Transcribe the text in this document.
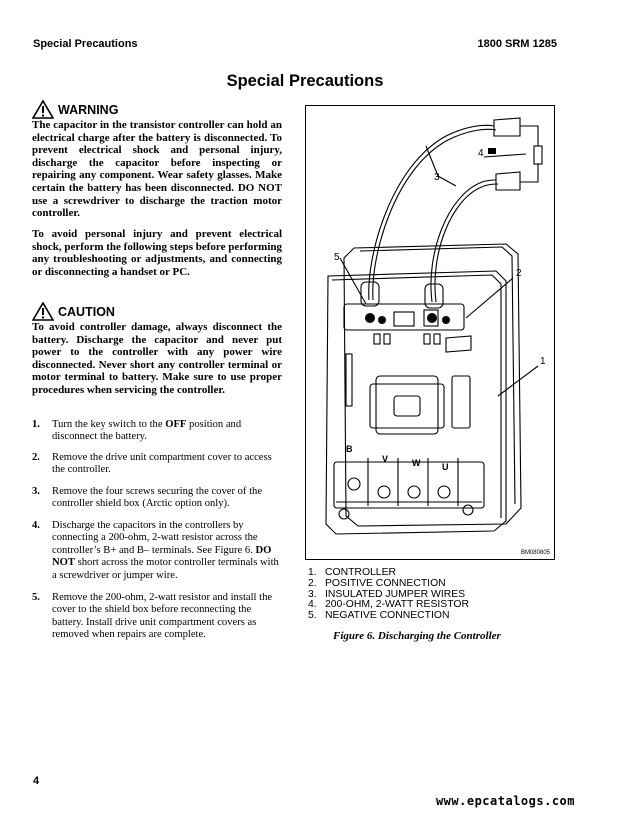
Special Precautions	1800 SRM 1285
Special Precautions
WARNING
The capacitor in the transistor controller can hold an electrical charge after the battery is disconnected. To prevent electrical shock and personal injury, discharge the capacitor before inspecting or repairing any component. Wear safety glasses. Make certain the battery has been disconnected. DO NOT use a screwdriver to discharge the traction motor controller.
To avoid personal injury and prevent electrical shock, perform the following steps before performing any troubleshooting or adjustments, and connecting or disconnecting a handset or PC.
CAUTION
To avoid controller damage, always disconnect the battery. Discharge the capacitor and never put power to the controller with any power wire disconnected. Never short any controller terminal or motor terminal to battery. Make sure to use proper procedures when servicing the controller.
1.	Turn the key switch to the OFF position and disconnect the battery.
2.	Remove the drive unit compartment cover to access the controller.
3.	Remove the four screws securing the cover of the controller shield box (Arctic option only).
4.	Discharge the capacitors in the controllers by connecting a 200-ohm, 2-watt resistor across the controller’s B+ and B– terminals. See Figure 6. DO NOT short across the motor controller terminals with a screwdriver or jumper wire.
5.	Remove the 200-ohm, 2-watt resistor and install the cover to the shield box before reconnecting the battery. Install drive unit compartment covers as removed when repairs are complete.
1
2
3
4
5
B
V	W U
BM080805
1. CONTROLLER
2. POSITIVE CONNECTION
3. INSULATED JUMPER WIRES
4. 200-OHM, 2-WATT RESISTOR
5. NEGATIVE CONNECTION
Figure 6. Discharging the Controller
4
www.epcatalogs.com
